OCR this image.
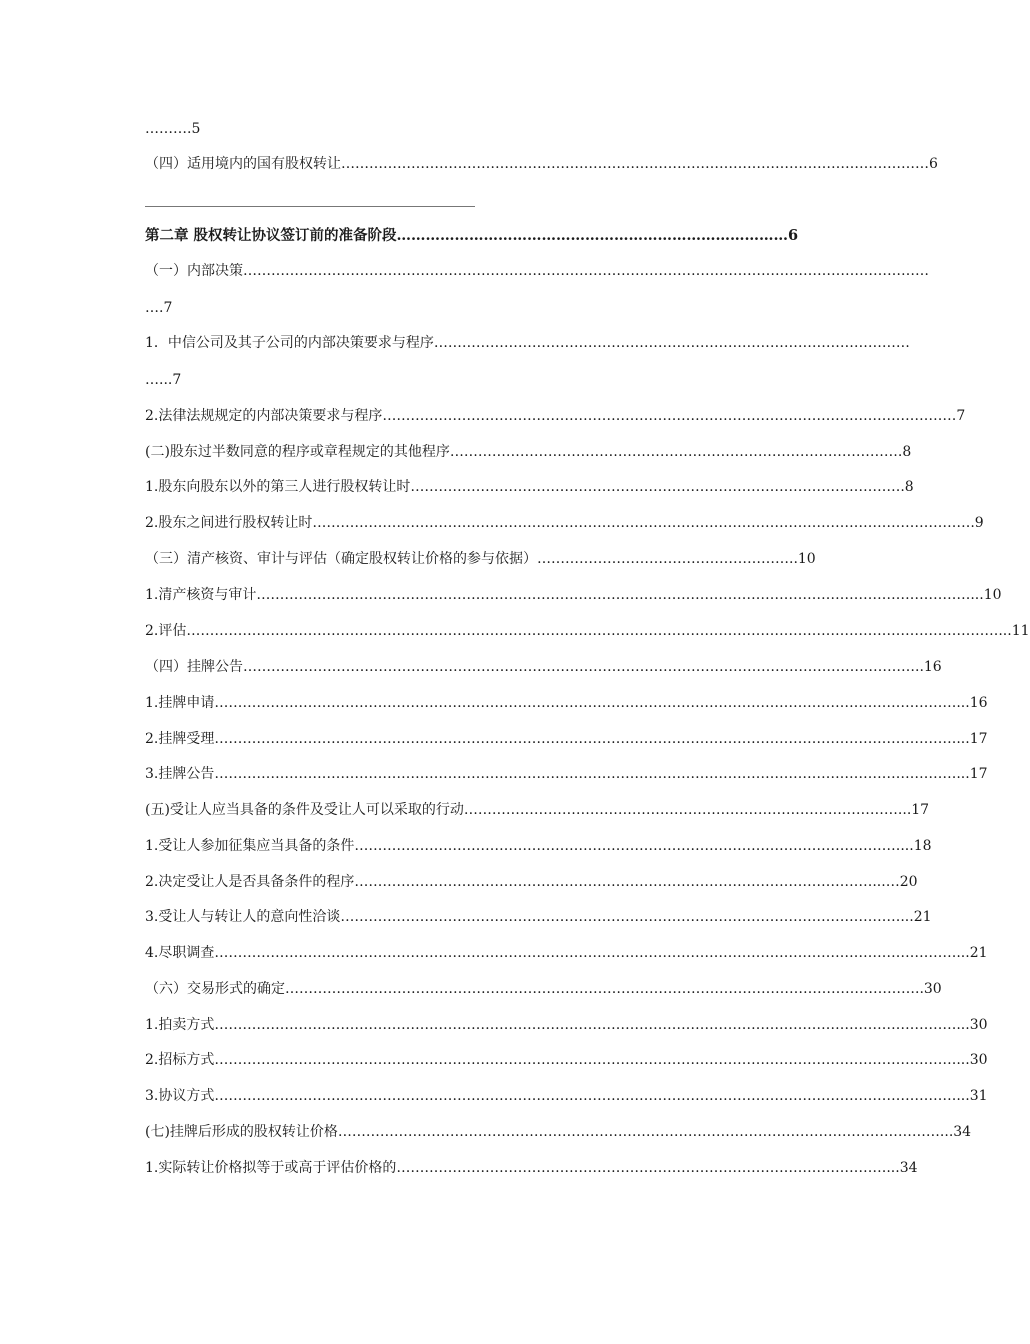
……….5
（四）适用境内的国有股权转让………………………………………………………………………………………………………………6
第二章 股权转让协议签订前的准备阶段………………………………………………………………………6
（一）内部决策…………………………………………………………………………………………………………………………………
….7
1．中信公司及其子公司的内部决策要求与程序…………………………………………………………………………………………
…...7
2.法律法规规定的内部决策要求与程序……………………………………………………………………………………………………………7
(二)股东过半数同意的程序或章程规定的其他程序…………………………………………………………………………………….8
1.股东向股东以外的第三人进行股权转让时…………………………………………………………………………………………….8
2.股东之间进行股权转让时…………………………………………………………………………………………………………………………….9
（三）清产核资、审计与评估（确定股权转让价格的参与依据）………………………………………………..10
1.清产核资与审计………………………………………………………………………………………………………………………………………...10
2.评估…………………………………………………………………………………………………………………………………………………………...11
（四）挂牌公告………………………………………………………………………………………………………………………………..16
1.挂牌申请……………………………………………………………………………………………………………………………………………...16
2.挂牌受理……………………………………………………………………………………………………………………………………………...17
3.挂牌公告……………………………………………………………………………………………………………………………………………...17
(五)受让人应当具备的条件及受让人可以采取的行动…………………………………………………………………………………...17
1.受让人参加征集应当具备的条件………………………………………………………………………………………………………...18
2.决定受让人是否具备条件的程序…………………………………………………………………………………………………...…20
3.受让人与转让人的意向性洽谈…………………………………………………………………………………………………………...21
4.尽职调查……………………………………………………………………………………………………………………………………………...21
（六）交易形式的确定………………………………………………………………………………………………………………………..30
1.拍卖方式……………………………………………………………………………………………………………………………………………...30
2.招标方式……………………………………………………………………………………………………………………………………………...30
3.协议方式……………………………………………………………………………………………………………………………………………...31
(七)挂牌后形成的股权转让价格…………………………………………………………………………………………………………………...34
1.实际转让价格拟等于或高于评估价格的……………………………………………………………………………………………...34
